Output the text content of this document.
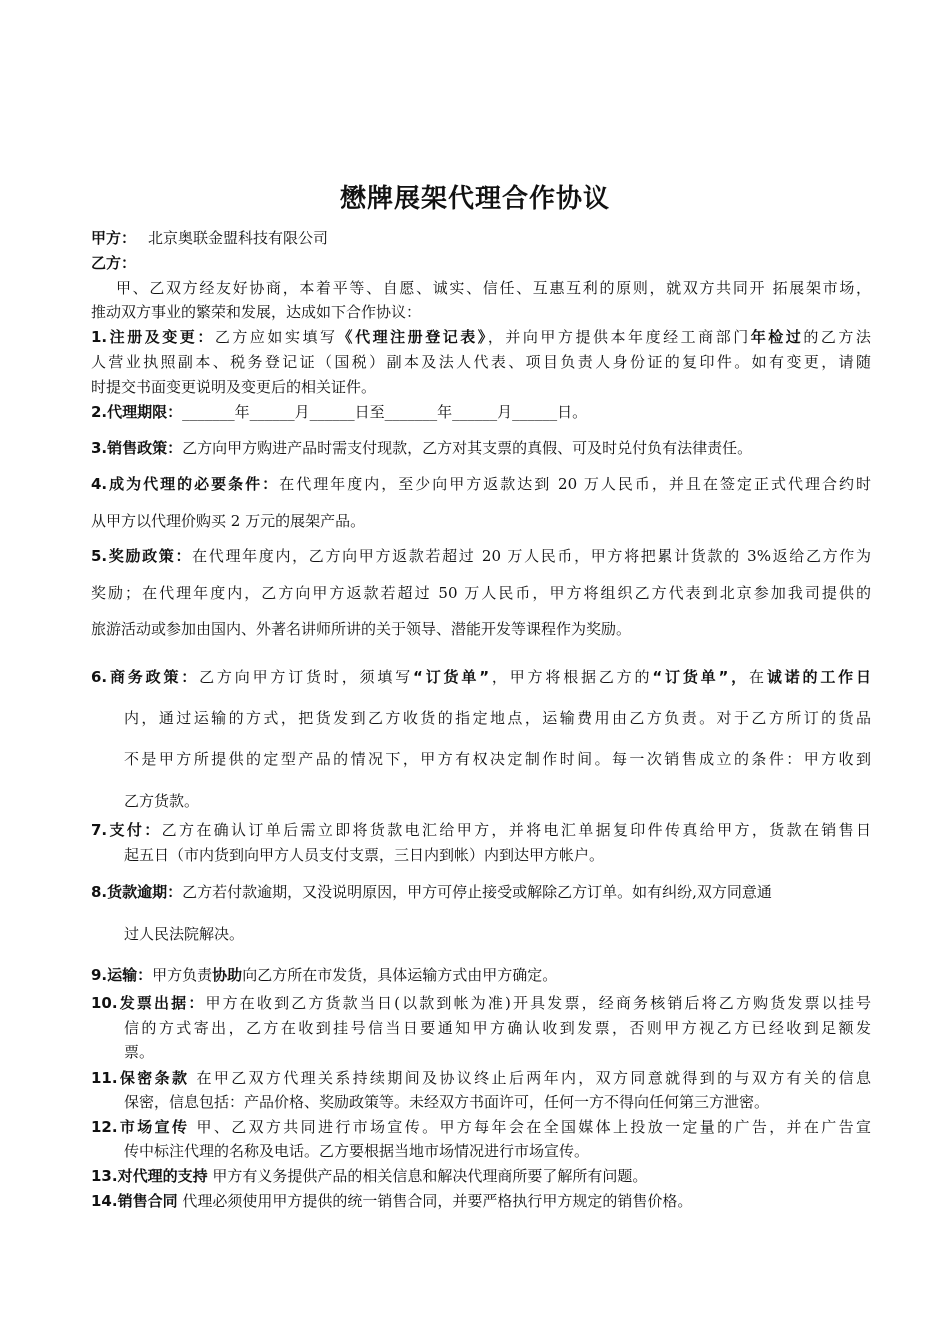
懋牌展架代理合作协议
甲方： 北京奥联金盟科技有限公司
乙方：
甲、乙双方经友好协商，本着平等、自愿、诚实、信任、互惠互利的原则，就双方共同开 拓展架市场，
推动双方事业的繁荣和发展，达成如下合作协议：
1.注册及变更：乙方应如实填写《代理注册登记表》，并向甲方提供本年度经工商部门年检过的乙方法
人营业执照副本、税务登记证（国税）副本及法人代表、项目负责人身份证的复印件。如有变更，请随
时提交书面变更说明及变更后的相关证件。
2.代理期限：_______年______月______日至_______年______月______日。
3.销售政策：乙方向甲方购进产品时需支付现款，乙方对其支票的真假、可及时兑付负有法律责任。
4.成为代理的必要条件：在代理年度内，至少向甲方返款达到 20 万人民币，并且在签定正式代理合约时
从甲方以代理价购买 2 万元的展架产品。
5.奖励政策：在代理年度内，乙方向甲方返款若超过 20 万人民币，甲方将把累计货款的 3%返给乙方作为
奖励；在代理年度内，乙方向甲方返款若超过 50 万人民币，甲方将组织乙方代表到北京参加我司提供的
旅游活动或参加由国内、外著名讲师所讲的关于领导、潜能开发等课程作为奖励。
6.商务政策：乙方向甲方订货时，须填写“订货单”，甲方将根据乙方的“订货单”，在诚诺的工作日
内，通过运输的方式，把货发到乙方收货的指定地点，运输费用由乙方负责。对于乙方所订的货品
不是甲方所提供的定型产品的情况下，甲方有权决定制作时间。每一次销售成立的条件：甲方收到
乙方货款。
7.支付：乙方在确认订单后需立即将货款电汇给甲方，并将电汇单据复印件传真给甲方，货款在销售日
起五日（市内货到向甲方人员支付支票，三日内到帐）内到达甲方帐户。
8.货款逾期：乙方若付款逾期，又没说明原因，甲方可停止接受或解除乙方订单。如有纠纷,双方同意通
过人民法院解决。
9.运输：甲方负责协助向乙方所在市发货，具体运输方式由甲方确定。
10.发票出据：甲方在收到乙方货款当日(以款到帐为准)开具发票，经商务核销后将乙方购货发票以挂号
信的方式寄出，乙方在收到挂号信当日要通知甲方确认收到发票，否则甲方视乙方已经收到足额发
票。
11.保密条款 在甲乙双方代理关系持续期间及协议终止后两年内，双方同意就得到的与双方有关的信息
保密，信息包括：产品价格、奖励政策等。未经双方书面许可，任何一方不得向任何第三方泄密。
12.市场宣传 甲、乙双方共同进行市场宣传。甲方每年会在全国媒体上投放一定量的广告，并在广告宣
传中标注代理的名称及电话。乙方要根据当地市场情况进行市场宣传。
13.对代理的支持 甲方有义务提供产品的相关信息和解决代理商所要了解所有问题。
14.销售合同 代理必须使用甲方提供的统一销售合同，并要严格执行甲方规定的销售价格。
